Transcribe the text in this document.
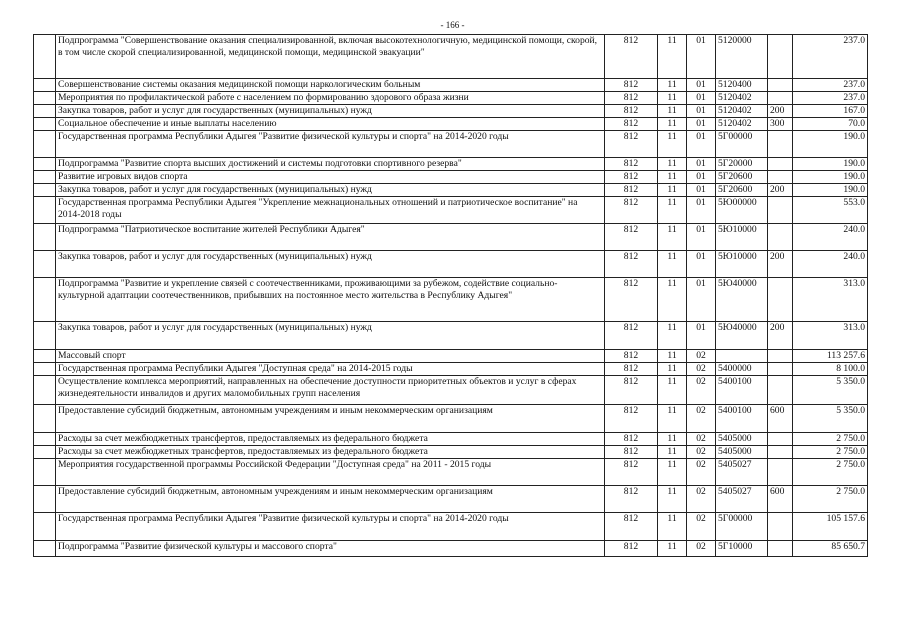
- 166 -
	Подпрограмма "Совершенствование оказания специализированной, включая высокотехнологичную, медицинской помощи, скорой, в том числе скорой специализированной, медицинской помощи, медицинской эвакуации"	812	11	01	5120000		237.0
	Совершенствование системы оказания медицинской помощи наркологическим больным	812	11	01	5120400		237.0
	Мероприятия по профилактической работе с населением по формированию здорового образа жизни	812	11	01	5120402		237.0
	Закупка товаров, работ и услуг для государственных (муниципальных) нужд	812	11	01	5120402	200	167.0
	Социальное обеспечение и иные выплаты населению	812	11	01	5120402	300	70.0
	Государственная программа Республики Адыгея "Развитие физической культуры и спорта" на 2014-2020 годы	812	11	01	5Г00000		190.0
	Подпрограмма "Развитие спорта высших достижений и системы подготовки спортивного резерва"	812	11	01	5Г20000		190.0
	Развитие игровых видов спорта	812	11	01	5Г20600		190.0
	Закупка товаров, работ и услуг для государственных (муниципальных) нужд	812	11	01	5Г20600	200	190.0
	Государственная программа Республики Адыгея "Укрепление межнациональных отношений и патриотическое воспитание" на 2014-2018 годы	812	11	01	5Ю00000		553.0
	Подпрограмма "Патриотическое воспитание жителей Республики Адыгея"	812	11	01	5Ю10000		240.0
	Закупка товаров, работ и услуг для государственных (муниципальных) нужд	812	11	01	5Ю10000	200	240.0
	Подпрограмма "Развитие и укрепление связей с соотечественниками, проживающими за рубежом, содействие социально-культурной адаптации соотечественников, прибывших на постоянное место жительства в Республику Адыгея"	812	11	01	5Ю40000		313.0
	Закупка товаров, работ и услуг для государственных (муниципальных) нужд	812	11	01	5Ю40000	200	313.0
	Массовый спорт	812	11	02			113 257.6
	Государственная программа Республики Адыгея "Доступная среда" на 2014-2015 годы	812	11	02	5400000		8 100.0
	Осуществление комплекса мероприятий, направленных на обеспечение доступности приоритетных объектов и услуг в сферах жизнедеятельности инвалидов и других маломобильных групп населения	812	11	02	5400100		5 350.0
	Предоставление субсидий бюджетным, автономным учреждениям и иным некоммерческим организациям	812	11	02	5400100	600	5 350.0
	Расходы за счет межбюджетных трансфертов, предоставляемых из федерального бюджета	812	11	02	5405000		2 750.0
	Расходы за счет межбюджетных трансфертов, предоставляемых из федерального бюджета	812	11	02	5405000		2 750.0
	Мероприятия государственной программы Российской Федерации "Доступная среда" на 2011 - 2015 годы	812	11	02	5405027		2 750.0
	Предоставление субсидий бюджетным, автономным учреждениям и иным некоммерческим организациям	812	11	02	5405027	600	2 750.0
	Государственная программа Республики Адыгея "Развитие физической культуры и спорта" на 2014-2020 годы	812	11	02	5Г00000		105 157.6
	Подпрограмма "Развитие физической культуры и массового спорта"	812	11	02	5Г10000		85 650.7
